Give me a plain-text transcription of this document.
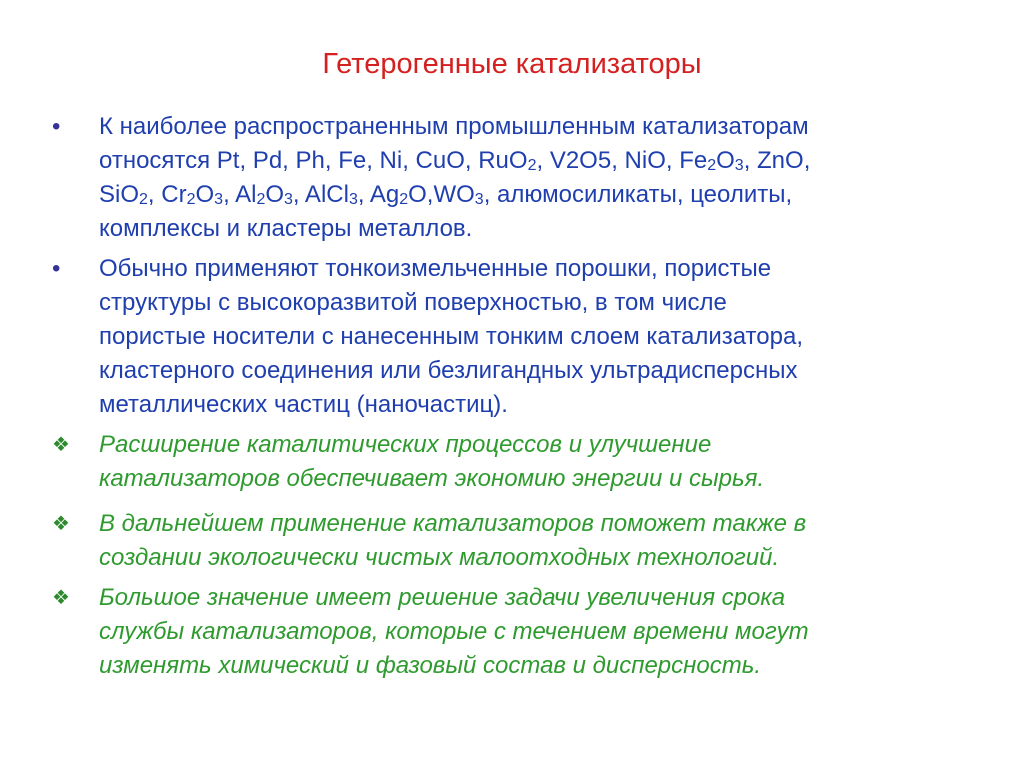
Гетерогенные катализаторы
•	К наиболее распространенным промышленным катализаторам
относятся Pt, Pd, Ph, Fe, Ni, CuO, RuO$_2$, V2O5, NiO, $Fe_2O_3$, ZnO,
SiO$_2$, $Cr_2O_3$, $Al_2O_3$, AlCl$_3$, $Ag_2O,WO_3$, алюмосиликаты, цеолиты,
комплексы и кластеры металлов.
•	Обычно применяют тонкоизмельченные порошки, пористые
структуры с высокоразвитой поверхностью, в том числе
пористые носители с нанесенным тонким слоем катализатора,
кластерного соединения или безлигандных ультрадисперсных
металлических частиц (наночастиц).
❖	Расширение каталитических процессов и улучшение
катализаторов обеспечивает экономию энергии и сырья.
❖	В дальнейшем применение катализаторов поможет также в
создании экологически чистых малоотходных технологий.
❖	Большое значение имеет решение задачи увеличения срока
службы катализаторов, которые с течением времени могут
изменять химический и фазовый состав и дисперсность.
